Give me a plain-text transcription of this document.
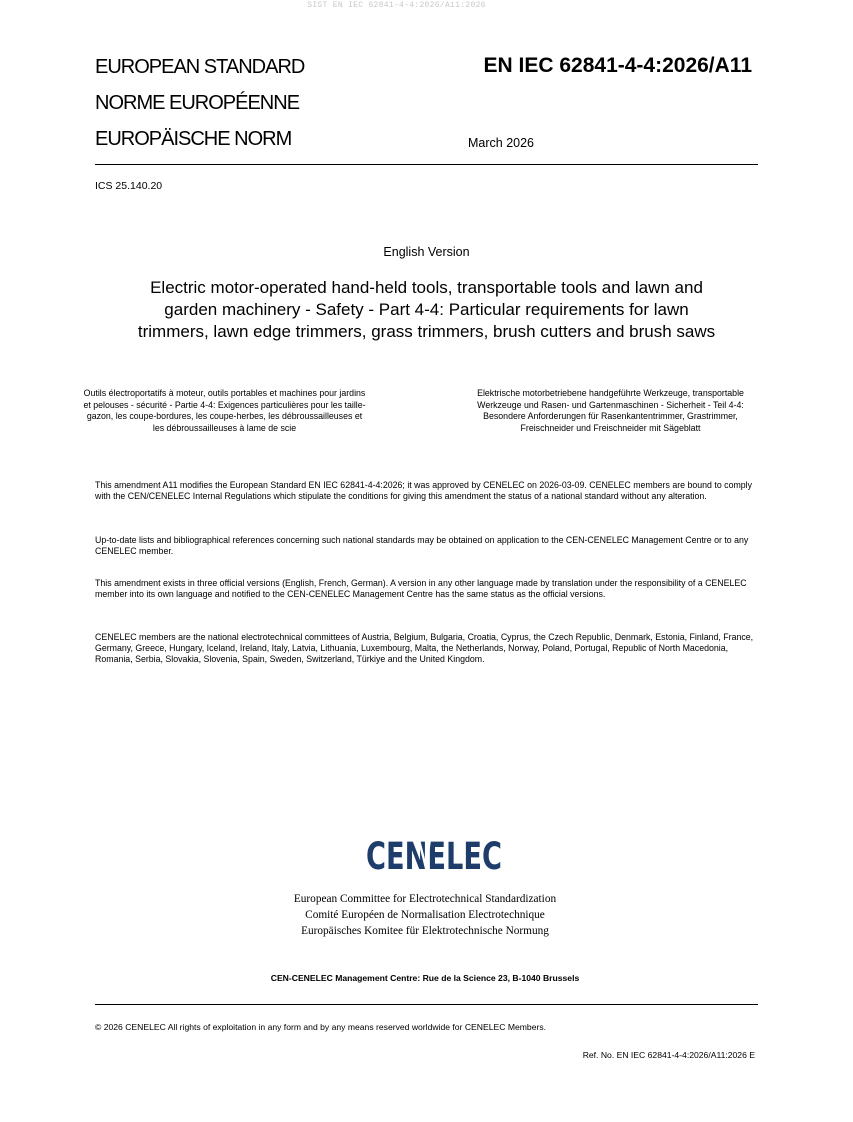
SIST EN IEC 62841-4-4:2026/A11:2026
EUROPEAN STANDARD
NORME EUROPÉENNE
EUROPÄISCHE NORM
EN IEC 62841-4-4:2026/A11
March 2026
ICS 25.140.20
English Version
Electric motor-operated hand-held tools, transportable tools and lawn and garden machinery - Safety - Part 4-4: Particular requirements for lawn trimmers, lawn edge trimmers, grass trimmers, brush cutters and brush saws
Outils électroportatifs à moteur, outils portables et machines pour jardins et pelouses - sécurité - Partie 4-4: Exigences particulières pour les taille-gazon, les coupe-bordures, les coupe-herbes, les débroussailleuses et les débroussailleuses à lame de scie
Elektrische motorbetriebene handgeführte Werkzeuge, transportable Werkzeuge und Rasen- und Gartenmaschinen - Sicherheit - Teil 4-4: Besondere Anforderungen für Rasenkantentrimmer, Grastrimmer, Freischneider und Freischneider mit Sägeblatt
This amendment A11 modifies the European Standard EN IEC 62841-4-4:2026; it was approved by CENELEC on 2026-03-09. CENELEC members are bound to comply with the CEN/CENELEC Internal Regulations which stipulate the conditions for giving this amendment the status of a national standard without any alteration.
Up-to-date lists and bibliographical references concerning such national standards may be obtained on application to the CEN-CENELEC Management Centre or to any CENELEC member.
This amendment exists in three official versions (English, French, German). A version in any other language made by translation under the responsibility of a CENELEC member into its own language and notified to the CEN-CENELEC Management Centre has the same status as the official versions.
CENELEC members are the national electrotechnical committees of Austria, Belgium, Bulgaria, Croatia, Cyprus, the Czech Republic, Denmark, Estonia, Finland, France, Germany, Greece, Hungary, Iceland, Ireland, Italy, Latvia, Lithuania, Luxembourg, Malta, the Netherlands, Norway, Poland, Portugal, Republic of North Macedonia, Romania, Serbia, Slovakia, Slovenia, Spain, Sweden, Switzerland, Türkiye and the United Kingdom.
CENELEC
European Committee for Electrotechnical Standardization
Comité Européen de Normalisation Electrotechnique
Europäisches Komitee für Elektrotechnische Normung
CEN-CENELEC Management Centre: Rue de la Science 23, B-1040 Brussels
© 2026 CENELEC All rights of exploitation in any form and by any means reserved worldwide for CENELEC Members.
Ref. No. EN IEC 62841-4-4:2026/A11:2026 E
